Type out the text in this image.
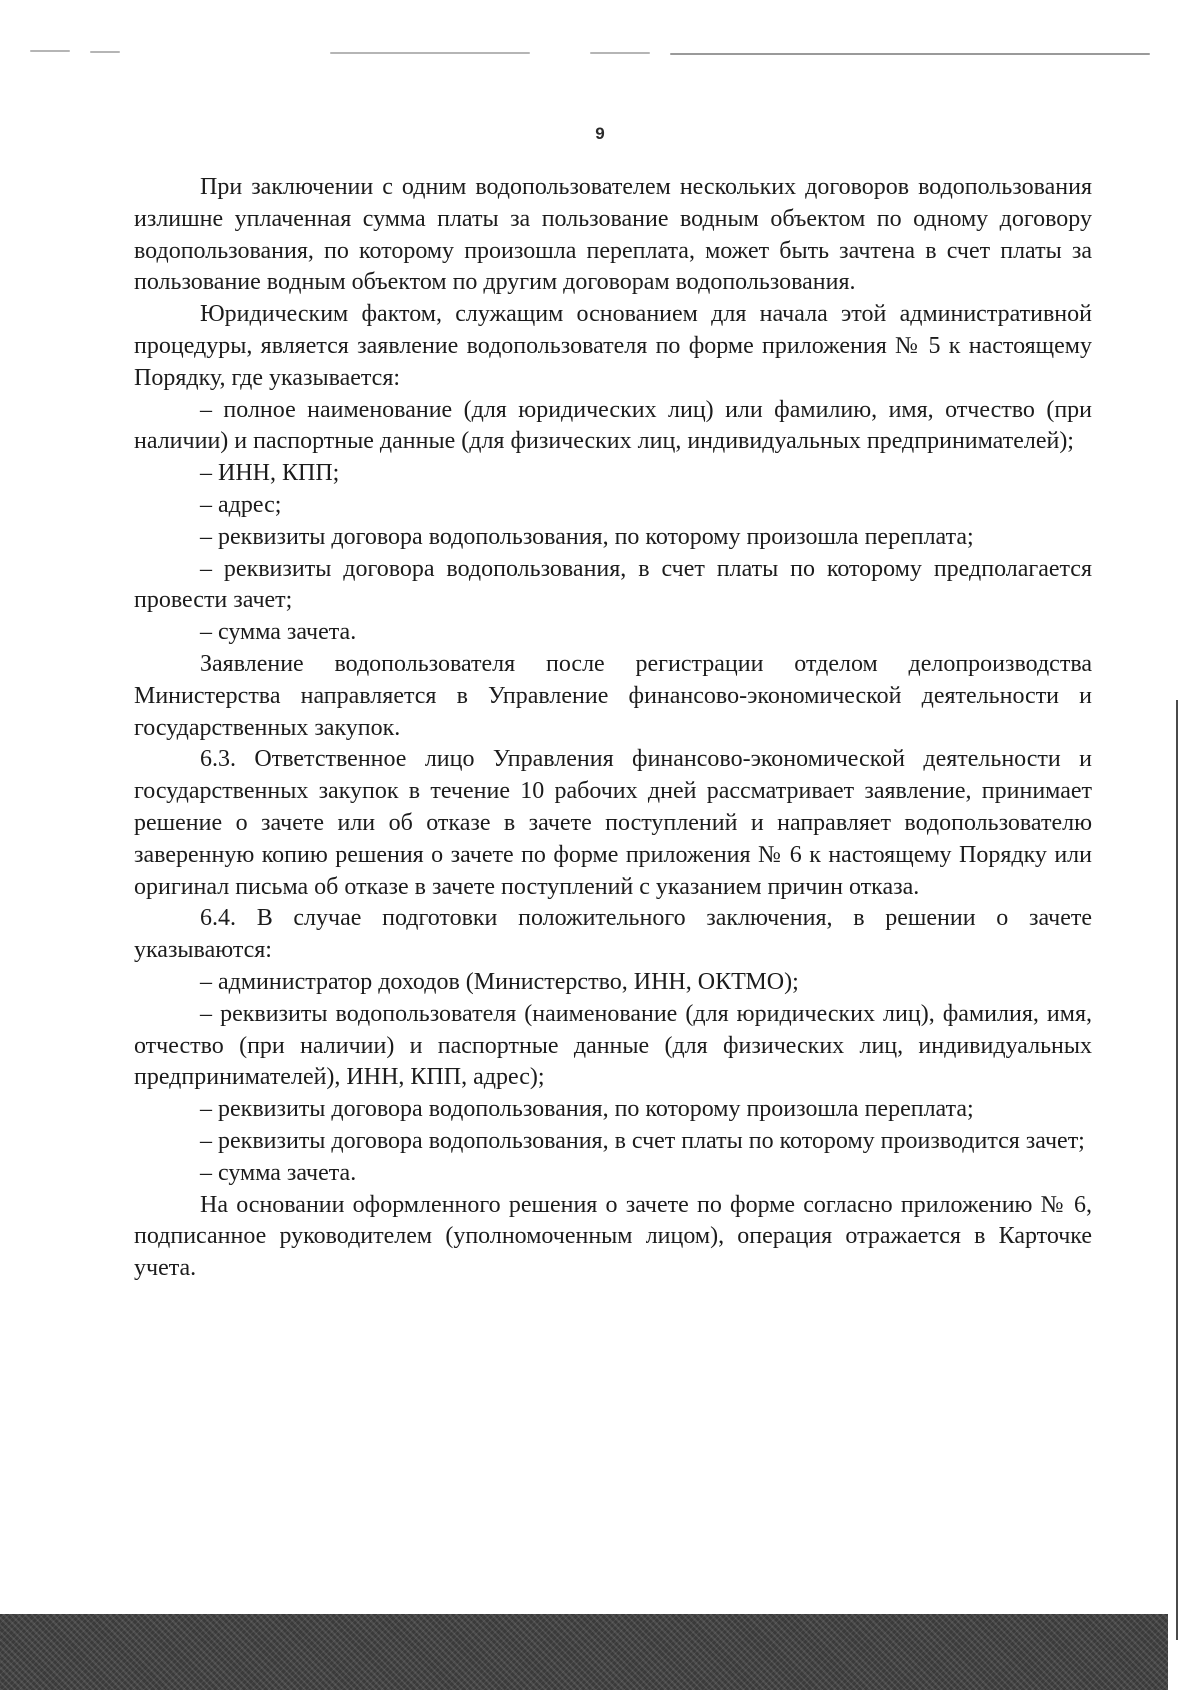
9

При заключении с одним водопользователем нескольких договоров водопользования излишне уплаченная сумма платы за пользование водным объектом по одному договору водопользования, по которому произошла переплата, может быть зачтена в счет платы за пользование водным объектом по другим договорам водопользования.

Юридическим фактом, служащим основанием для начала этой административной процедуры, является заявление водопользователя по форме приложения № 5 к настоящему Порядку, где указывается:

– полное наименование (для юридических лиц) или фамилию, имя, отчество (при наличии) и паспортные данные (для физических лиц, индивидуальных предпринимателей);

– ИНН, КПП;

– адрес;

– реквизиты договора водопользования, по которому произошла переплата;

– реквизиты договора водопользования, в счет платы по которому предполагается провести зачет;

– сумма зачета.

Заявление водопользователя после регистрации отделом делопроизводства Министерства направляется в Управление финансово-экономической деятельности и государственных закупок.

6.3. Ответственное лицо Управления финансово-экономической деятельности и государственных закупок в течение 10 рабочих дней рассматривает заявление, принимает решение о зачете или об отказе в зачете поступлений и направляет водопользователю заверенную копию решения о зачете по форме приложения № 6 к настоящему Порядку или оригинал письма об отказе в зачете поступлений с указанием причин отказа.

6.4. В случае подготовки положительного заключения, в решении о зачете указываются:

– администратор доходов (Министерство, ИНН, ОКТМО);

– реквизиты водопользователя (наименование (для юридических лиц), фамилия, имя, отчество (при наличии) и паспортные данные (для физических лиц, индивидуальных предпринимателей), ИНН, КПП, адрес);

– реквизиты договора водопользования, по которому произошла переплата;

– реквизиты договора водопользования, в счет платы по которому производится зачет;

– сумма зачета.

На основании оформленного решения о зачете по форме согласно приложению № 6, подписанное руководителем (уполномоченным лицом), операция отражается в Карточке учета.
